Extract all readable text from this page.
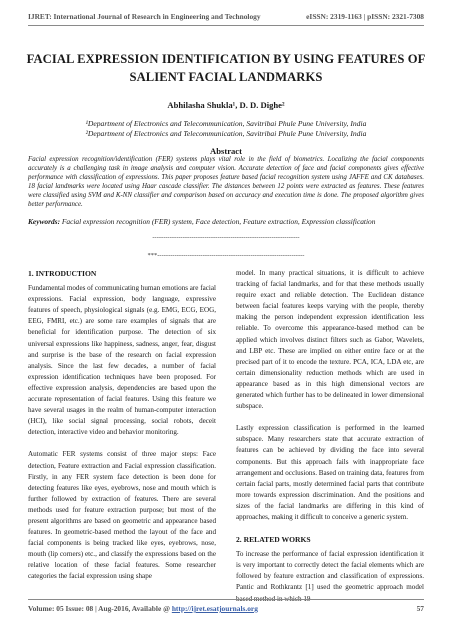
IJRET: International Journal of Research in Engineering and Technology	eISSN: 2319-1163 | pISSN: 2321-7308
FACIAL EXPRESSION IDENTIFICATION BY USING FEATURES OF SALIENT FACIAL LANDMARKS
Abhilasha Shukla¹, D. D. Dighe²
¹Department of Electronics and Telecommunication, Savitribai Phule Pune University, India
²Department of Electronics and Telecommunication, Savitribai Phule Pune University, India
Abstract
Facial expression recognition/identification (FER) systems plays vital role in the field of biometrics. Localizing the facial components accurately is a challenging task in image analysis and computer vision. Accurate detection of face and facial components gives effective performance with classification of expressions. This paper proposes feature based facial recognition system using JAFFE and CK databases. 18 facial landmarks were located using Haar cascade classifier. The distances between 12 points were extracted as features. These features were classified using SVM and K-NN classifier and comparison based on accuracy and execution time is done. The proposed algorithm gives better performance.
Keywords: Facial expression recognition (FER) system, Face detection, Feature extraction, Expression classification
--------------------------------------------------------------------
***--------------------------------------------------------------------
1. INTRODUCTION

Fundamental modes of communicating human emotions are facial expressions. Facial expression, body language, expressive features of speech, physiological signals (e.g. EMG, ECG, EOG, EEG, FMRI, etc.) are some rare examples of signals that are beneficial for identification purpose. The detection of six universal expressions like happiness, sadness, anger, fear, disgust and surprise is the base of the research on facial expression analysis. Since the last few decades, a number of facial expression identification techniques have been proposed. For effective expression analysis, dependencies are based upon the accurate representation of facial features. Using this feature we have several usages in the realm of human-computer interaction (HCI), like social signal processing, social robots, deceit detection, interactive video and behavior monitoring.

Automatic FER systems consist of three major steps: Face detection, Feature extraction and Facial expression classification. Firstly, in any FER system face detection is been done for detecting features like eyes, eyebrows, nose and mouth which is further followed by extraction of features. There are several methods used for feature extraction purpose; but most of the present algorithms are based on geometric and appearance based features. In geometric-based method the layout of the face and facial components is being tracked like eyes, eyebrows, nose, mouth (lip corners) etc., and classify the expressions based on the relative location of these facial features. Some researcher categories the facial expression using shape

model. In many practical situations, it is difficult to achieve tracking of facial landmarks, and for that these methods usually require exact and reliable detection. The Euclidean distance between facial features keeps varying with the people, thereby making the person independent expression identification less reliable. To overcome this appearance-based method can be applied which involves distinct filters such as Gabor, Wavelets, and LBP etc. These are implied on either entire face or at the precised part of it to encode the texture. PCA, ICA, LDA etc, are certain dimensionality reduction methods which are used in appearance based as in this high dimensional vectors are generated which further has to be delineated in lower dimensional subspace.

Lastly expression classification is performed in the learned subspace. Many researchers state that accurate extraction of features can be achieved by dividing the face into several components. But this approach fails with inappropriate face arrangement and occlusions. Based on training data, features from certain facial parts, mostly determined facial parts that contribute more towards expression discrimination. And the positions and sizes of the facial landmarks are differing in this kind of approaches, making it difficult to conceive a generic system.

2. RELATED WORKS

To increase the performance of facial expression identification it is very important to correctly detect the facial elements which are followed by feature extraction and classification of expressions. Pantic and Rothkrantz [1] used the geometric approach model based method in which 19

Volume: 05 Issue: 08 | Aug-2016, Available @ http://ijret.esatjournals.org	57
